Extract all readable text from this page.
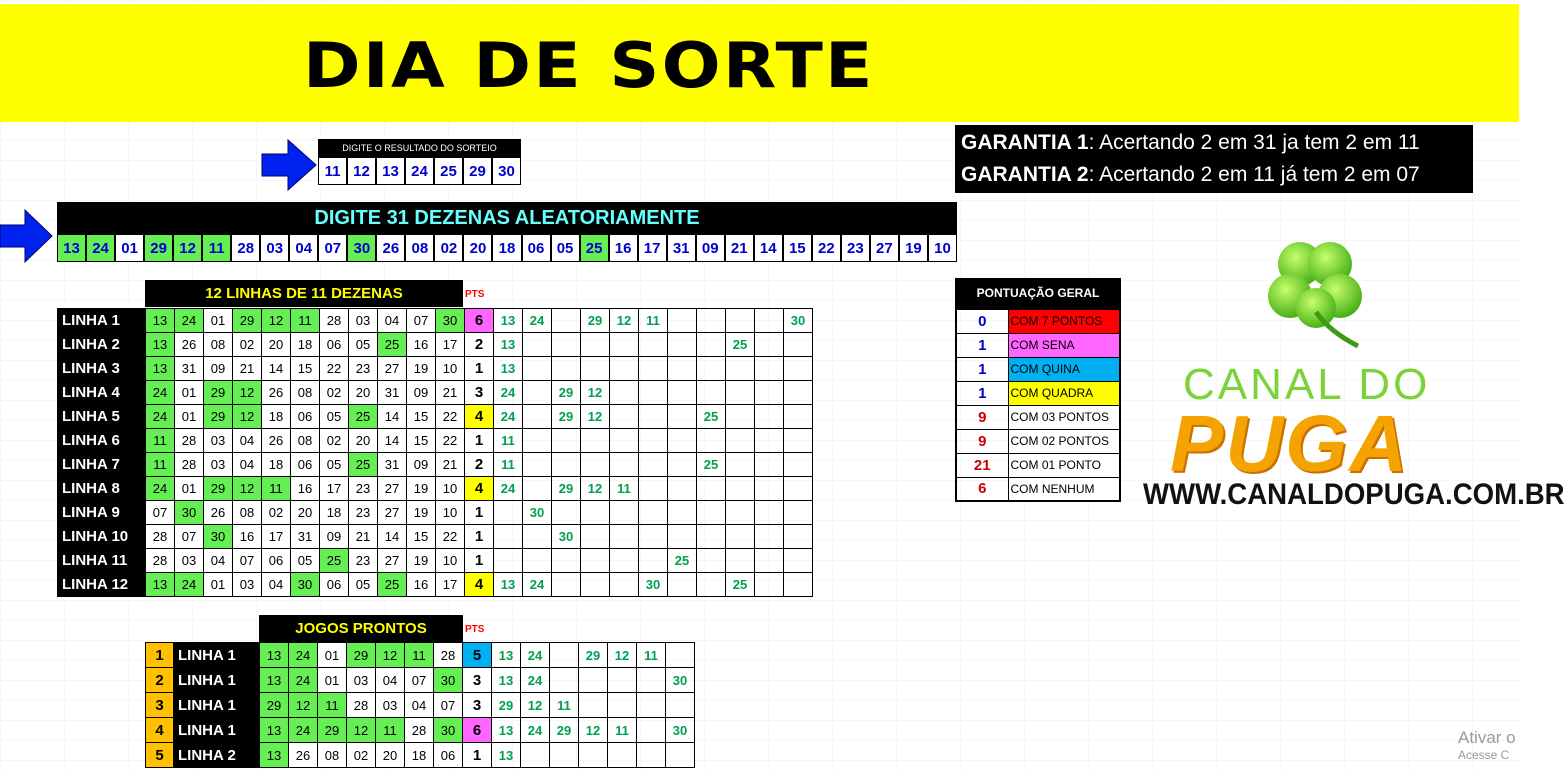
DIA DE SORTE
DIGITE O RESULTADO DO SORTEIO
11 12 13 24 25 29 30
GARANTIA 1: Acertando 2 em 31 ja tem 2 em 11
GARANTIA 2: Acertando 2 em 11 já tem 2 em 07
DIGITE 31 DEZENAS ALEATORIAMENTE
13 24 01 29 12 11 28 03 04 07 30 26 08 02 20 18 06 05 25 16 17 31 09 21 14 15 22 23 27 19 10
12 LINHAS DE 11 DEZENAS	PTS
LINHA 1	13	24	01	29	12	11	28	03	04	07	30	6	13	24		29	12	11					30
LINHA 2	13	26	08	02	20	18	06	05	25	16	17	2	13								25		
LINHA 3	13	31	09	21	14	15	22	23	27	19	10	1	13										
LINHA 4	24	01	29	12	26	08	02	20	31	09	21	3	24		29	12							
LINHA 5	24	01	29	12	18	06	05	25	14	15	22	4	24		29	12				25			
LINHA 6	11	28	03	04	26	08	02	20	14	15	22	1	11										
LINHA 7	11	28	03	04	18	06	05	25	31	09	21	2	11							25			
LINHA 8	24	01	29	12	11	16	17	23	27	19	10	4	24		29	12	11						
LINHA 9	07	30	26	08	02	20	18	23	27	19	10	1		30									
LINHA 10	28	07	30	16	17	31	09	21	14	15	22	1			30								
LINHA 11	28	03	04	07	06	05	25	23	27	19	10	1							25				
LINHA 12	13	24	01	03	04	30	06	05	25	16	17	4	13	24				30			25		
JOGOS PRONTOS	PTS
1	LINHA 1	13	24	01	29	12	11	28	5	13	24		29	12	11	
2	LINHA 1	13	24	01	03	04	07	30	3	13	24					30
3	LINHA 1	29	12	11	28	03	04	07	3	29	12	11				
4	LINHA 1	13	24	29	12	11	28	30	6	13	24	29	12	11		30
5	LINHA 2	13	26	08	02	20	18	06	1	13						
PONTUAÇÃO GERAL
0	COM 7 PONTOS
1	COM SENA
1	COM QUINA
1	COM QUADRA
9	COM 03 PONTOS
9	COM 02 PONTOS
21	COM 01 PONTO
6	COM NENHUM
CANAL DO
PUGA
WWW.CANALDOPUGA.COM.BR
Ativar o
Acesse C
